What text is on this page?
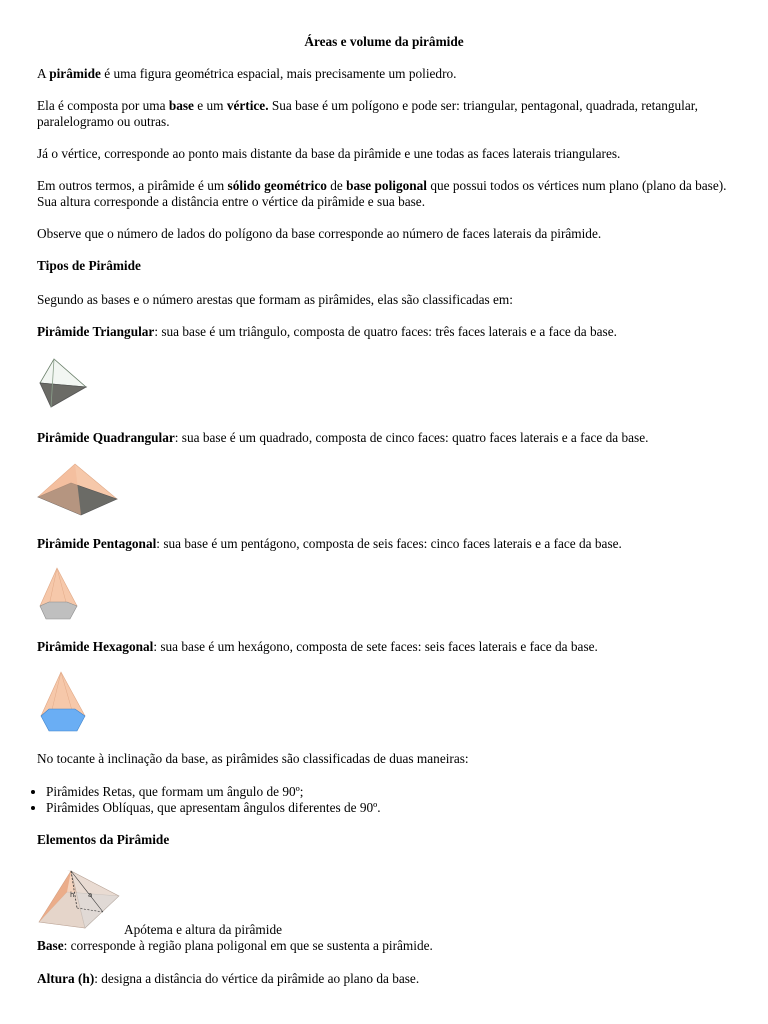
Áreas e volume da pirâmide

A pirâmide é uma figura geométrica espacial, mais precisamente um poliedro.

Ela é composta por uma base e um vértice. Sua base é um polígono e pode ser: triangular, pentagonal, quadrada, retangular, paralelogramo ou outras.

Já o vértice, corresponde ao ponto mais distante da base da pirâmide e une todas as faces laterais triangulares.

Em outros termos, a pirâmide é um sólido geométrico de base poligonal que possui todos os vértices num plano (plano da base). Sua altura corresponde a distância entre o vértice da pirâmide e sua base.

Observe que o número de lados do polígono da base corresponde ao número de faces laterais da pirâmide.

Tipos de Pirâmide

Segundo as bases e o número arestas que formam as pirâmides, elas são classificadas em:

Pirâmide Triangular: sua base é um triângulo, composta de quatro faces: três faces laterais e a face da base.

Pirâmide Quadrangular: sua base é um quadrado, composta de cinco faces: quatro faces laterais e a face da base.

Pirâmide Pentagonal: sua base é um pentágono, composta de seis faces: cinco faces laterais e a face da base.

Pirâmide Hexagonal: sua base é um hexágono, composta de sete faces: seis faces laterais e face da base.

No tocante à inclinação da base, as pirâmides são classificadas de duas maneiras:

• Pirâmides Retas, que formam um ângulo de 90º;
• Pirâmides Oblíquas, que apresentam ângulos diferentes de 90º.

Elementos da Pirâmide

h a

Apótema e altura da pirâmide

Base: corresponde à região plana poligonal em que se sustenta a pirâmide.

Altura (h): designa a distância do vértice da pirâmide ao plano da base.
